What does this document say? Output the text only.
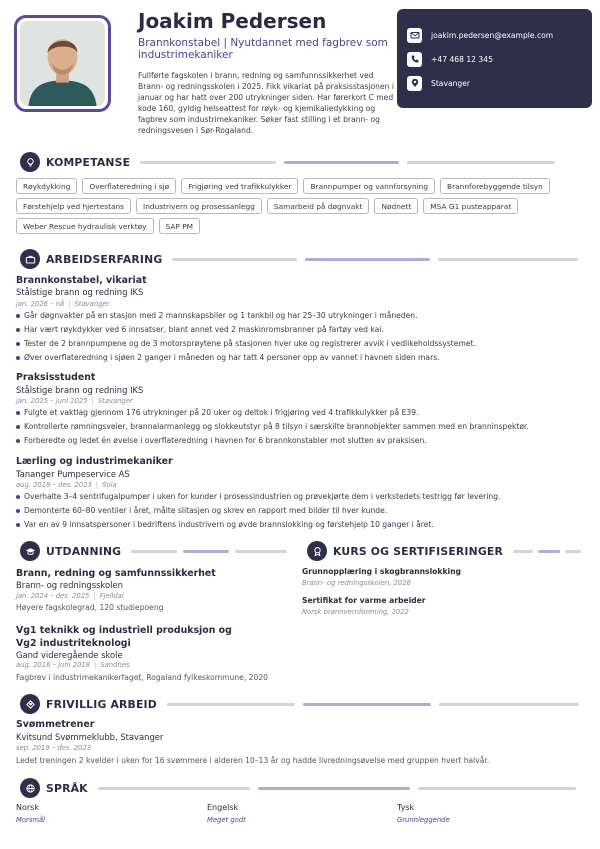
Joakim Pedersen
Brannkonstabel | Nyutdannet med fagbrev som industrimekaniker
Fullførte fagskolen i brann, redning og samfunnssikkerhet ved Brann- og redningsskolen i 2025. Fikk vikariat på praksisstasjonen i januar og har hatt over 200 utrykninger siden. Har førerkort C med kode 160, gyldig helseattest for røyk- og kjemikaliedykking og fagbrev som industrimekaniker. Søker fast stilling i et brann- og redningsvesen i Sør-Rogaland.
joakim.pedersen@example.com
+47 468 12 345
Stavanger
KOMPETANSE
Røykdykking	Overflateredning i sjø	Frigjøring ved trafikkulykker	Brannpumper og vannforsyning	Brannforebyggende tilsyn
Førstehjelp ved hjertestans	Industrivern og prosessanlegg	Samarbeid på døgnvakt	Nødnett	MSA G1 pusteapparat
Weber Rescue hydraulisk verktøy	SAP PM
ARBEIDSERFARING
Brannkonstabel, vikariat
Stålstige brann og redning IKS
jan. 2026 – nå | Stavanger
Går døgnvakter på en stasjon med 2 mannskapsbiler og 1 tankbil og har 25–30 utrykninger i måneden.
Har vært røykdykker ved 6 innsatser, blant annet ved 2 maskinromsbranner på fartøy ved kai.
Tester de 2 brannpumpene og de 3 motorsprøytene på stasjonen hver uke og registrerer avvik i vedlikeholdssystemet.
Øver overflateredning i sjøen 2 ganger i måneden og har tatt 4 personer opp av vannet i havnen siden mars.
Praksisstudent
Stålstige brann og redning IKS
jan. 2025 – juni 2025 | Stavanger
Fulgte et vaktlag gjennom 176 utrykninger på 20 uker og deltok i frigjøring ved 4 trafikkulykker på E39.
Kontrollerte rømningsveier, brannalarmanlegg og slokkeutstyr på 8 tilsyn i særskilte brannobjekter sammen med en branninspektør.
Forberedte og ledet én øvelse i overflateredning i havnen for 6 brannkonstabler mot slutten av praksisen.
Lærling og industrimekaniker
Tananger Pumpeservice AS
aug. 2018 – des. 2023 | Sola
Overhalte 3–4 sentrifugalpumper i uken for kunder i prosessindustrien og prøvekjørte dem i verkstedets testrigg før levering.
Demonterte 60–80 ventiler i året, målte slitasjen og skrev en rapport med bilder til hver kunde.
Var en av 9 innsatspersoner i bedriftens industrivern og øvde brannslokking og førstehjelp 10 ganger i året.
UTDANNING
Brann, redning og samfunnssikkerhet
Brann- og redningsskolen
jan. 2024 – des. 2025 | Fjelldal
Høyere fagskolegrad, 120 studiepoeng
Vg1 teknikk og industriell produksjon og Vg2 industriteknologi
Gand videregående skole
aug. 2016 – juni 2018 | Sandnes
Fagbrev i industrimekanikerfaget, Rogaland fylkeskommune, 2020
KURS OG SERTIFISERINGER
Grunnopplæring i skogbrannslokking
Brann- og redningsskolen, 2026
Sertifikat for varme arbeider
Norsk brannvernforening, 2022
FRIVILLIG ARBEID
Svømmetrener
Kvitsund Svømmeklubb, Stavanger
sep. 2019 – des. 2023
Ledet treningen 2 kvelder i uken for 16 svømmere i alderen 10–13 år og hadde livredningsøvelse med gruppen hvert halvår.
SPRÅK
Norsk
Morsmål
Engelsk
Meget godt
Tysk
Grunnleggende
